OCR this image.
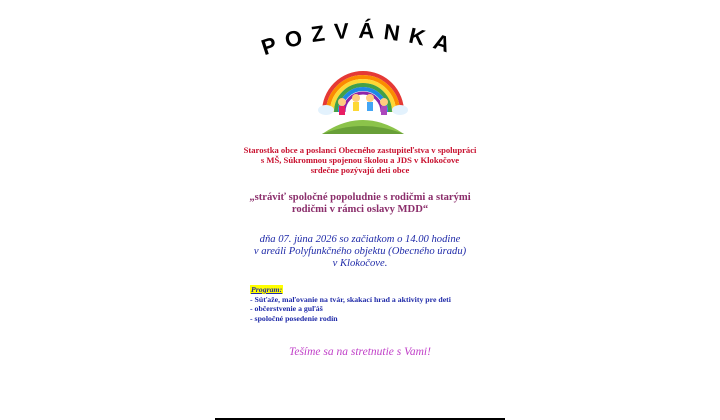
POZVÁNKA
Starostka obce a poslanci Obecného zastupiteľstva v spolupráci
s MŠ, Súkromnou spojenou školou a JDS v Klokočove
srdečne pozývajú deti obce
„stráviť spoločné popoludnie s rodičmi a starými
rodičmi v rámci oslavy MDD“
dňa 07. júna 2026 so začiatkom o 14.00 hodine
v areáli Polyfunkčného objektu (Obecného úradu)
v Klokočove.
Program:
- Súťaže, maľovanie na tvár, skakací hrad a aktivity pre deti
- občerstvenie a guľáš
- spoločné posedenie rodín
Tešíme sa na stretnutie s Vami!
